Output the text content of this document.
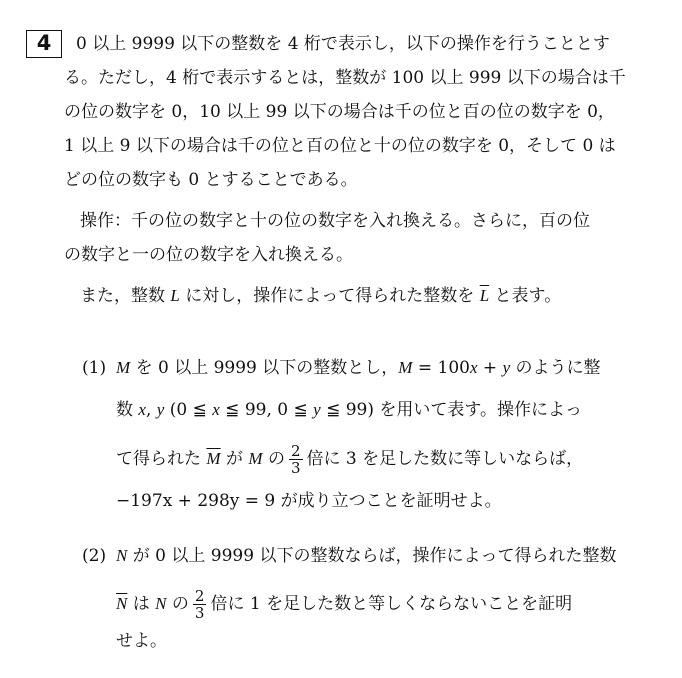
4	0 以上 9999 以下の整数を 4 桁で表示し，以下の操作を行うこととす
る。ただし，4 桁で表示するとは，整数が 100 以上 999 以下の場合は千
の位の数字を 0，10 以上 99 以下の場合は千の位と百の位の数字を 0，
1 以上 9 以下の場合は千の位と百の位と十の位の数字を 0，そして 0 は
どの位の数字も 0 とすることである。
操作：千の位の数字と十の位の数字を入れ換える。さらに，百の位
の数字と一の位の数字を入れ換える。
また，整数 L に対し，操作によって得られた整数を $\overline{L}$ と表す。
(1) M を 0 以上 9999 以下の整数とし，M = 100x + y のように整
数 x, y (0 ≦ x ≦ 99, 0 ≦ y ≦ 99) を用いて表す。操作によっ
て得られた $\overline{M}$ が M の $\frac{2}{3}$ 倍に 3 を足した数に等しいならば，
−197x + 298y = 9 が成り立つことを証明せよ。
(2) N が 0 以上 9999 以下の整数ならば，操作によって得られた整数
$\overline{N}$ は N の $\frac{2}{3}$ 倍に 1 を足した数と等しくならないことを証明
せよ。
